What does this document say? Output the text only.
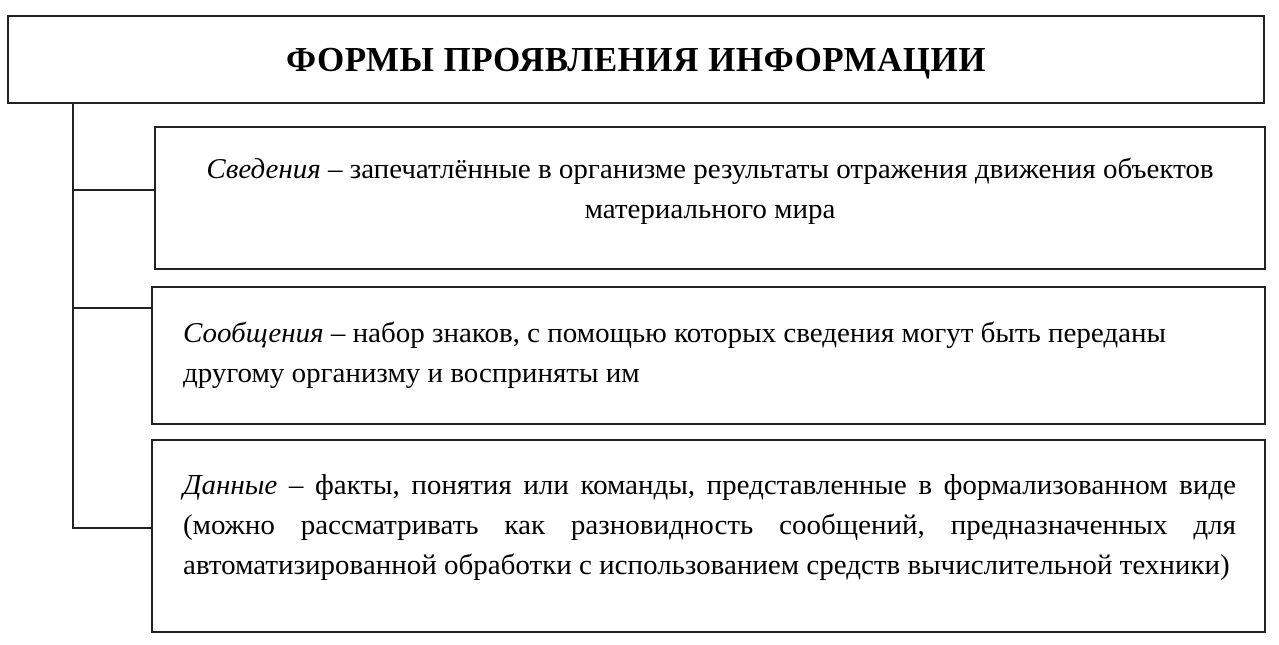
ФОРМЫ ПРОЯВЛЕНИЯ ИНФОРМАЦИИ
Сведения – запечатлённые в организме результаты отражения движения объектов материального мира
Сообщения – набор знаков, с помощью которых сведения могут быть переданы другому организму и восприняты им
Данные – факты, понятия или команды, представленные в формализованном виде (можно рассматривать как разновидность сообщений, предназначенных для автоматизированной обработки с использованием средств вычислительной техники)
